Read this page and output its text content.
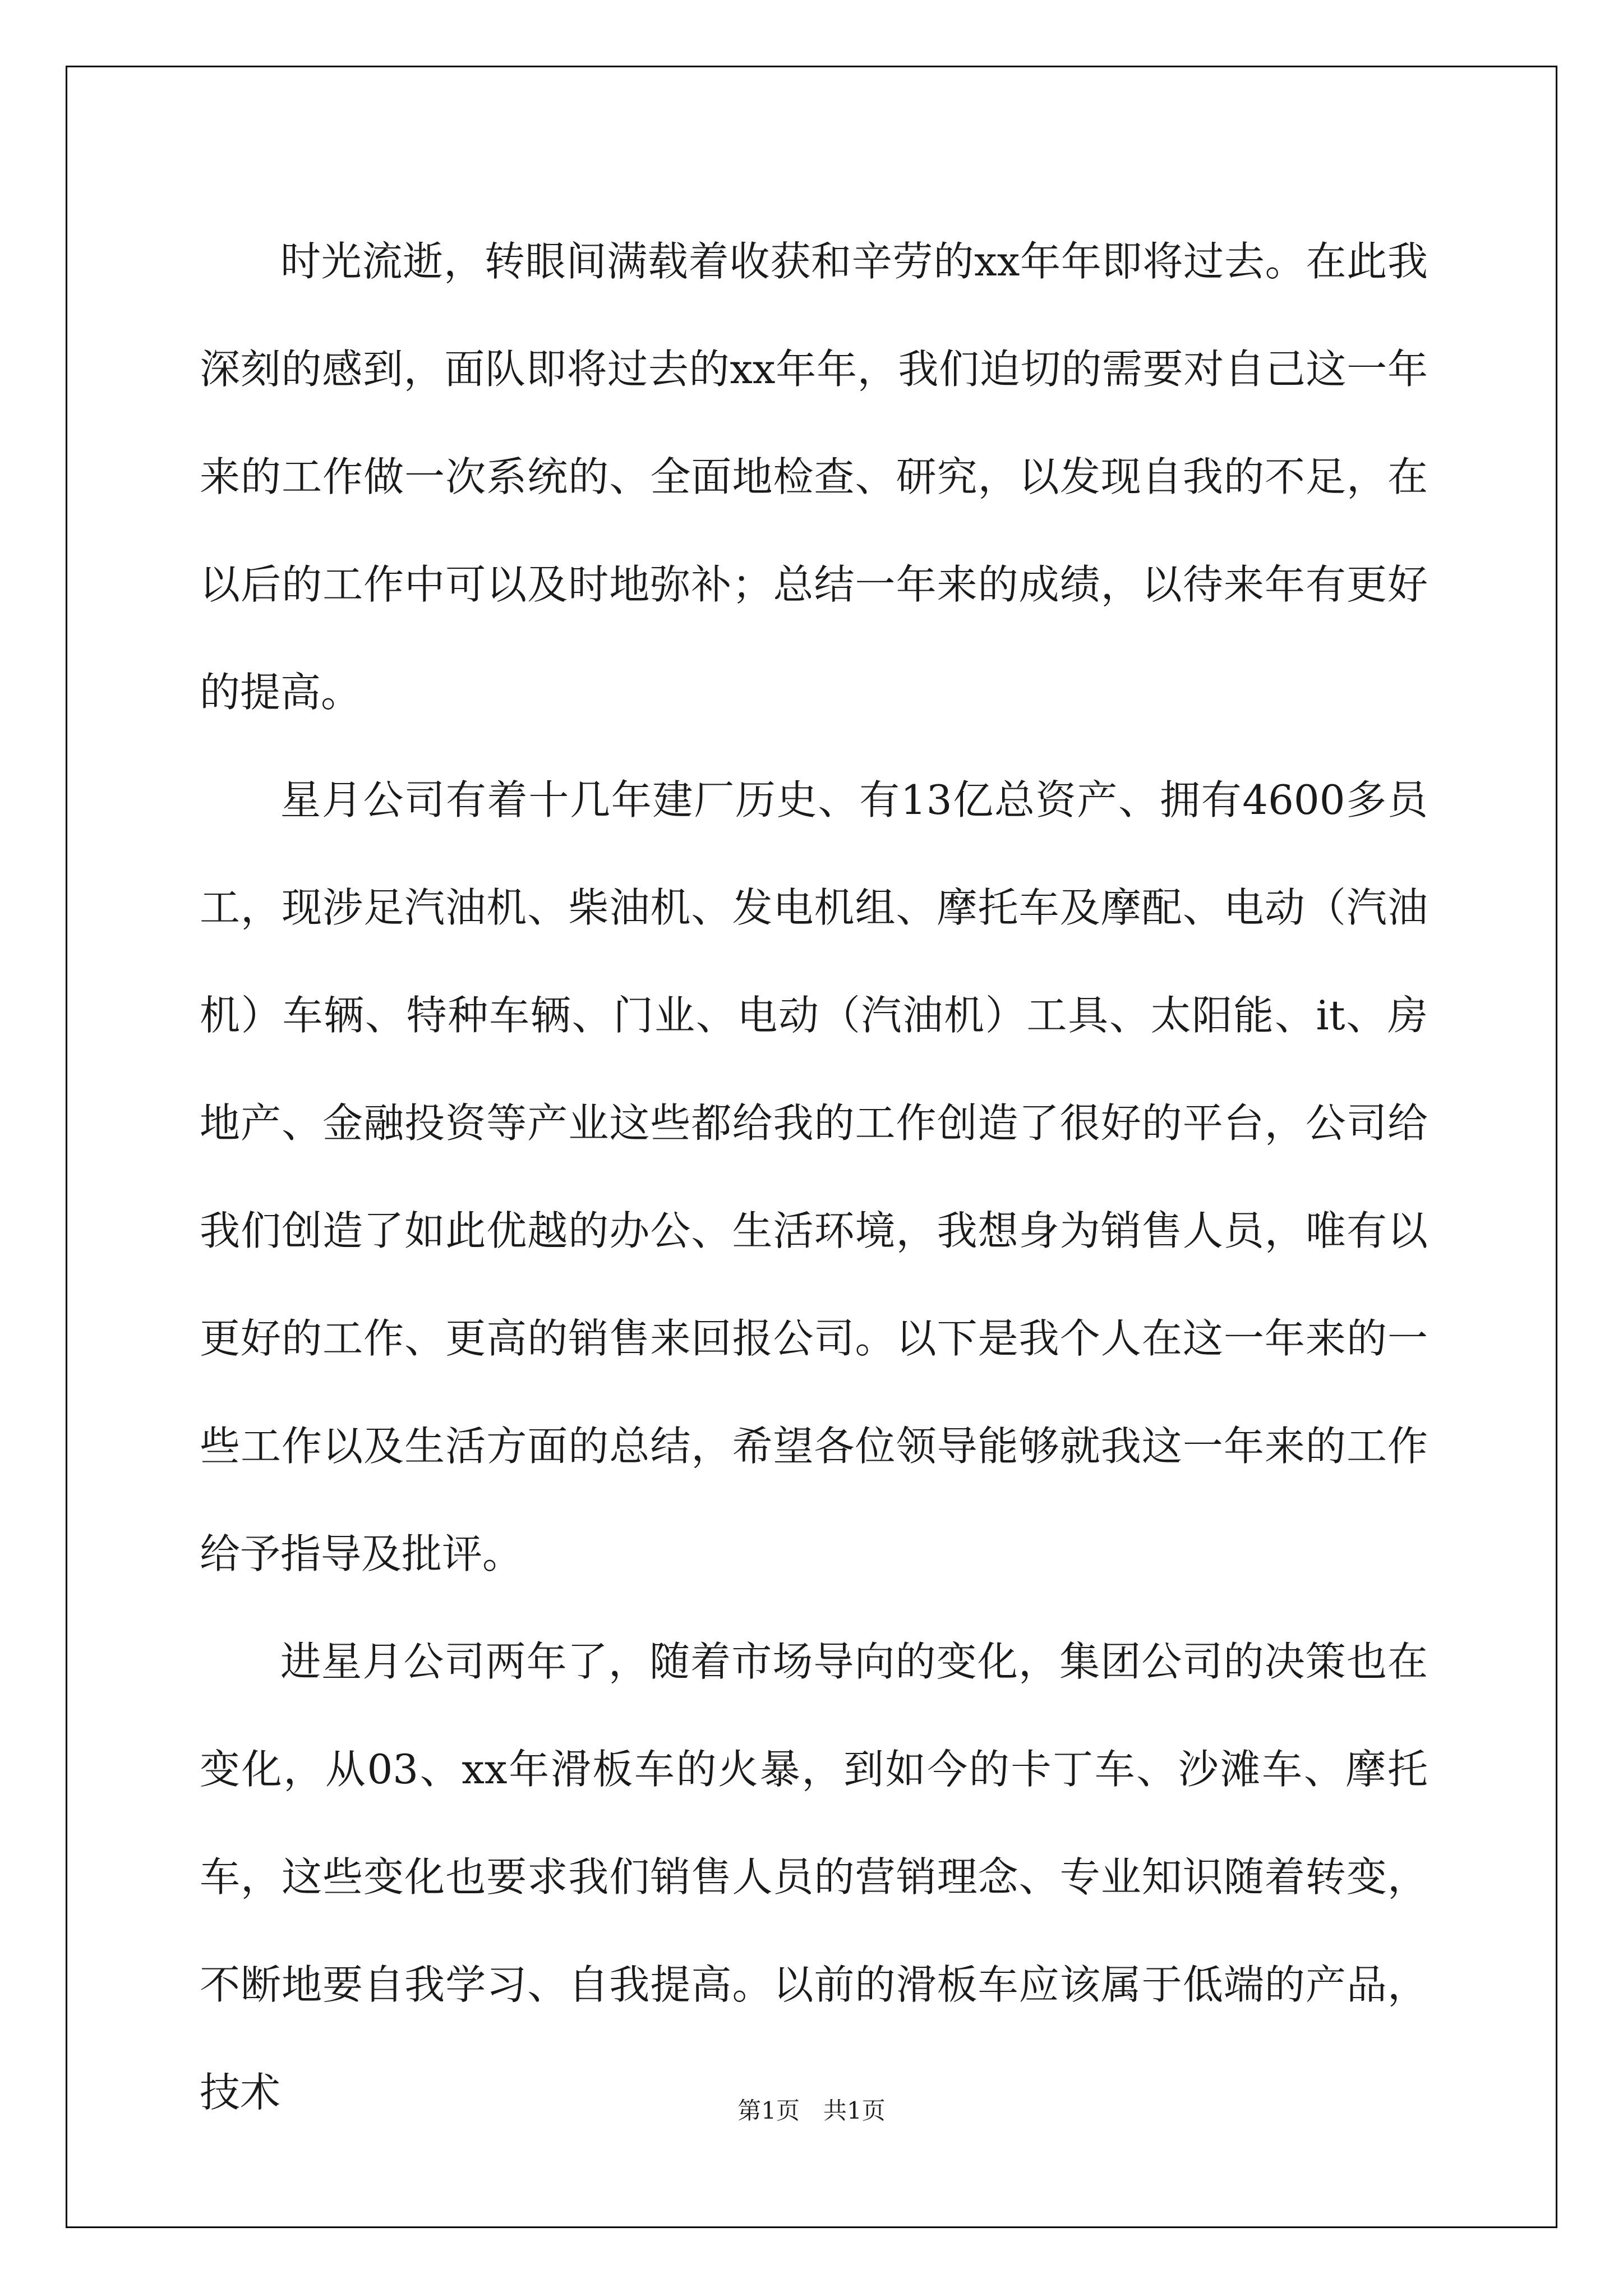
时光流逝，转眼间满载着收获和辛劳的xx年年即将过去。在此我深刻的感到，面队即将过去的xx年年，我们迫切的需要对自己这一年来的工作做一次系统的、全面地检查、研究，以发现自我的不足，在以后的工作中可以及时地弥补；总结一年来的成绩，以待来年有更好的提高。

星月公司有着十几年建厂历史、有13亿总资产、拥有4600多员工，现涉足汽油机、柴油机、发电机组、摩托车及摩配、电动（汽油机）车辆、特种车辆、门业、电动（汽油机）工具、太阳能、it、房地产、金融投资等产业这些都给我的工作创造了很好的平台，公司给我们创造了如此优越的办公、生活环境，我想身为销售人员，唯有以更好的工作、更高的销售来回报公司。以下是我个人在这一年来的一些工作以及生活方面的总结，希望各位领导能够就我这一年来的工作给予指导及批评。

进星月公司两年了，随着市场导向的变化，集团公司的决策也在变化，从03、xx年滑板车的火暴，到如今的卡丁车、沙滩车、摩托车，这些变化也要求我们销售人员的营销理念、专业知识随着转变，不断地要自我学习、自我提高。以前的滑板车应该属于低端的产品，技术	第1页　共1页
